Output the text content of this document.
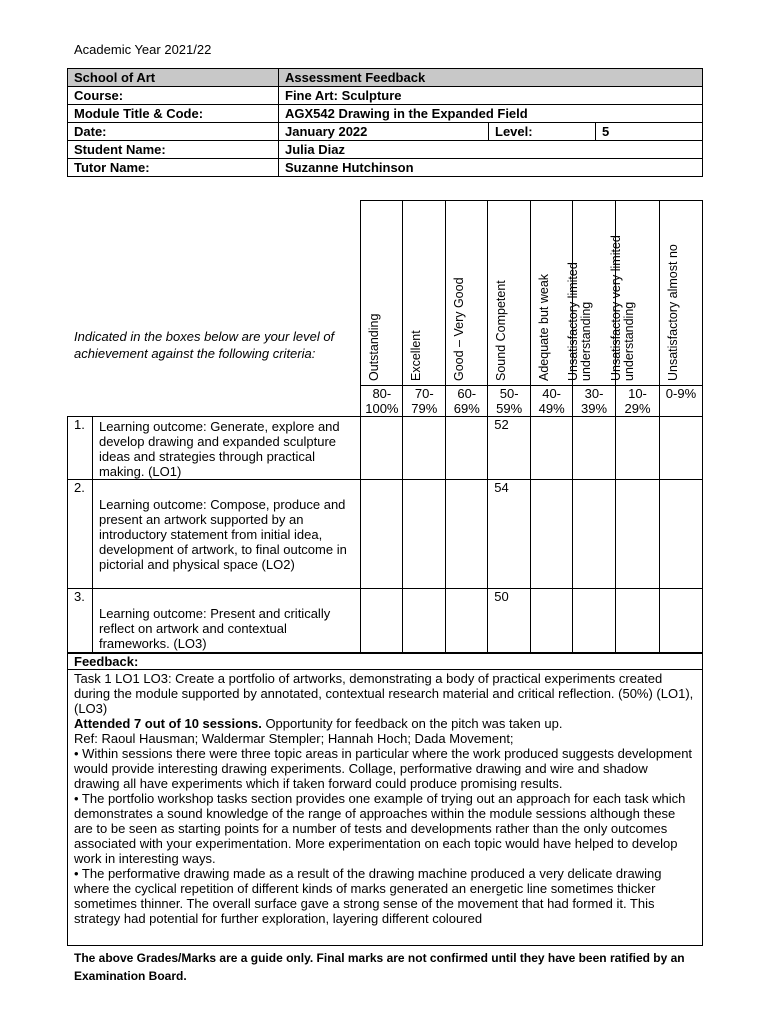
Academic Year 2021/22
School of Art	Assessment Feedback		
Course:	Fine Art: Sculpture		
Module Title & Code:	AGX542 Drawing in the Expanded Field		
Date:	January 2022	Level:	5
Student Name:	Julia Diaz		
Tutor Name:	Suzanne Hutchinson		

		Outstanding	Excellent	Good – Very Good	Sound Competent	Adequate but weak	Unsatisfactory limited understanding	Unsatisfactory very limited understanding	Unsatisfactory almost no

		80-100%	70-79%	60-69%	50-59%	40-49%	30-39%	10-29%	0-9%
1.	Learning outcome: Generate, explore and develop drawing and expanded sculpture ideas and strategies through practical making. (LO1)				52				
2.	Learning outcome: Compose, produce and present an artwork supported by an introductory statement from initial idea, development of artwork, to final outcome in pictorial and physical space (LO2)				54				
3.	Learning outcome: Present and critically reflect on artwork and contextual frameworks. (LO3)				50				
Indicated in the boxes below are your level of achievement against the following criteria:
Feedback:

Task 1 LO1 LO3: Create a portfolio of artworks, demonstrating a body of practical experiments created during the module supported by annotated, contextual research material and critical reflection. (50%) (LO1), (LO3)

Attended 7 out of 10 sessions. Opportunity for feedback on the pitch was taken up.

Ref: Raoul Hausman; Waldermar Stempler; Hannah Hoch; Dada Movement;

• Within sessions there were three topic areas in particular where the work produced suggests development would provide interesting drawing experiments. Collage, performative drawing and wire and shadow drawing all have experiments which if taken forward could produce promising results.

• The portfolio workshop tasks section provides one example of trying out an approach for each task which demonstrates a sound knowledge of the range of approaches within the module sessions although these are to be seen as starting points for a number of tests and developments rather than the only outcomes associated with your experimentation. More experimentation on each topic would have helped to develop work in interesting ways.

• The performative drawing made as a result of the drawing machine produced a very delicate drawing where the cyclical repetition of different kinds of marks generated an energetic line sometimes thicker sometimes thinner. The overall surface gave a strong sense of the movement that had formed it. This strategy had potential for further exploration, layering different coloured

The above Grades/Marks are a guide only. Final marks are not confirmed until they have been ratified by an Examination Board.
